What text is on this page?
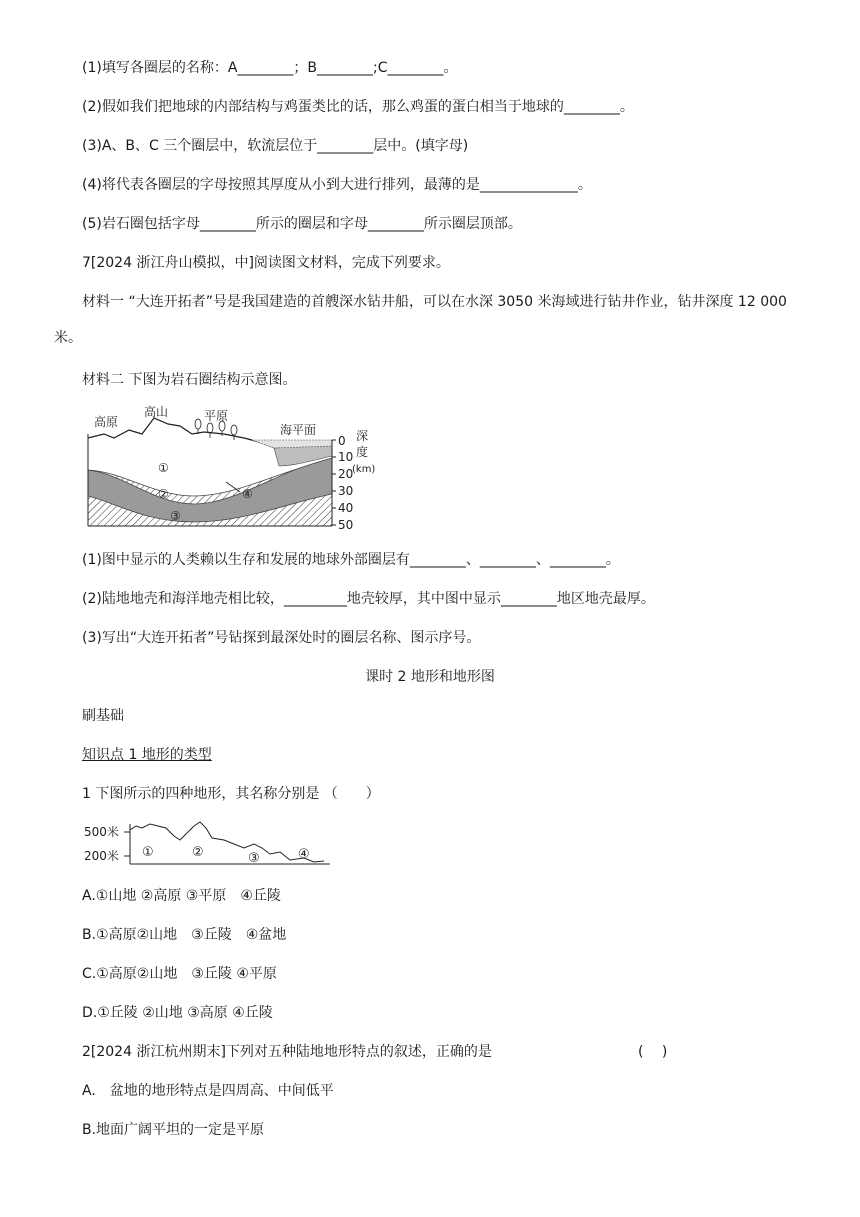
(1)填写各圈层的名称：A________；B________;C________。
(2)假如我们把地球的内部结构与鸡蛋类比的话，那么鸡蛋的蛋白相当于地球的________。
(3)A、B、C 三个圈层中，软流层位于________层中。(填字母)
(4)将代表各圈层的字母按照其厚度从小到大进行排列，最薄的是______________。
(5)岩石圈包括字母________所示的圈层和字母________所示圈层顶部。
7[2024 浙江舟山模拟，中]阅读图文材料，完成下列要求。
材料一 “大连开拓者”号是我国建造的首艘深水钻井船，可以在水深 3050 米海域进行钻井作业，钻井深度 12 000 米。
材料二 下图为岩石圈结构示意图。
0
10
20
30
40
50
深
度
(km)
高原
高山	平原
海平面
①
②
③
④
(1)图中显示的人类赖以生存和发展的地球外部圈层有________、________、________。
(2)陆地地壳和海洋地壳相比较，_________地壳较厚，其中图中显示________地区地壳最厚。
(3)写出“大连开拓者”号钻探到最深处时的圈层名称、图示序号。
课时 2 地形和地形图
刷基础
知识点 1 地形的类型
1 下图所示的四种地形，其名称分别是 （　　）
500米
200米 ①	②	③	④
A.①山地 ②高原 ③平原　④丘陵
B.①高原②山地　③丘陵　④盆地
C.①高原②山地　③丘陵 ④平原
D.①丘陵 ②山地 ③高原 ④丘陵
2[2024 浙江杭州期末]下列对五种陆地地形特点的叙述，正确的是	(　 )
A.　盆地的地形特点是四周高、中间低平
B.地面广阔平坦的一定是平原
